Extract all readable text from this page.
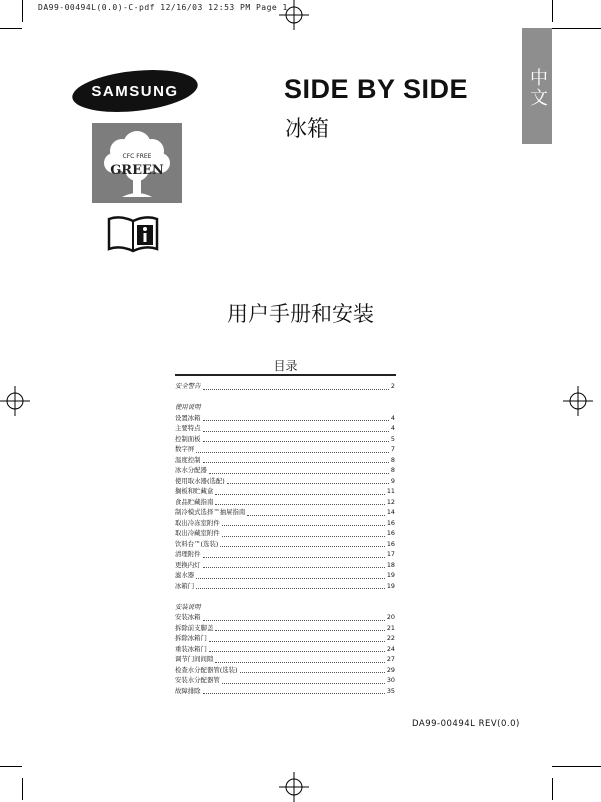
DA99-00494L(0.0)-C-pdf 12/16/03 12:53 PM Page 1
中文
SAMSUNG	SIDE BY SIDE
冰箱
CFC FREE
GREEN
用户手册和安装
目录
安全警告	2
使用说明
设置冰箱	4
主要特点	4
控制面板	5
数字屏	7
温度控制	8
冰水分配器	8
使用取水器(选配)	9
搁板和贮藏盒	11
食品贮藏指南	12
制冷模式选择™抽屉指南	14
取出冷冻室附件	16
取出冷藏室附件	16
饮料台™(选装)	16
清理附件	17
更换内灯	18
滤水器	19
冰箱门	19
安装说明
安装冰箱	20
拆除前支脚盖	21
拆除冰箱门	22
重装冰箱门	24
调节门间间隙	27
检查水分配器管(选装)	29
安装水分配器管	30
故障排除	35
DA99-00494L REV(0.0)
